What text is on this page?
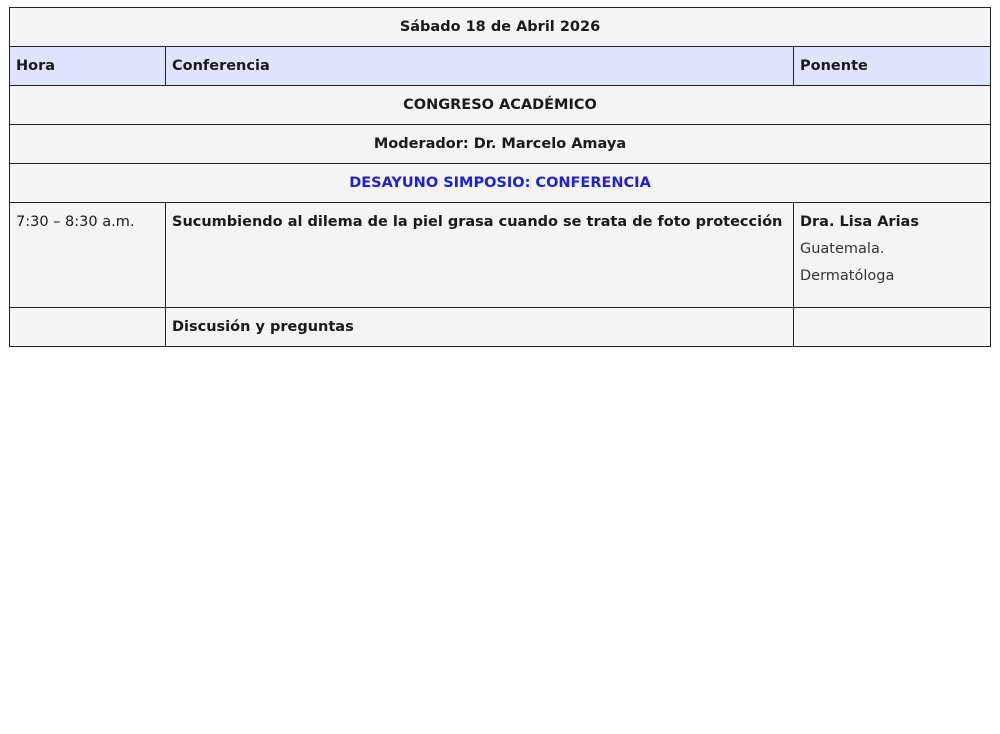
Sábado 18 de Abril 2026		
Hora	Conferencia	Ponente
CONGRESO ACADÉMICO		
Moderador: Dr. Marcelo Amaya		
DESAYUNO SIMPOSIO: CONFERENCIA		
7:30 – 8:30 a.m.	Sucumbiendo al dilema de la piel grasa cuando se trata de foto protección	Dra. Lisa Arias
Guatemala.
Dermatóloga

	Discusión y preguntas	
